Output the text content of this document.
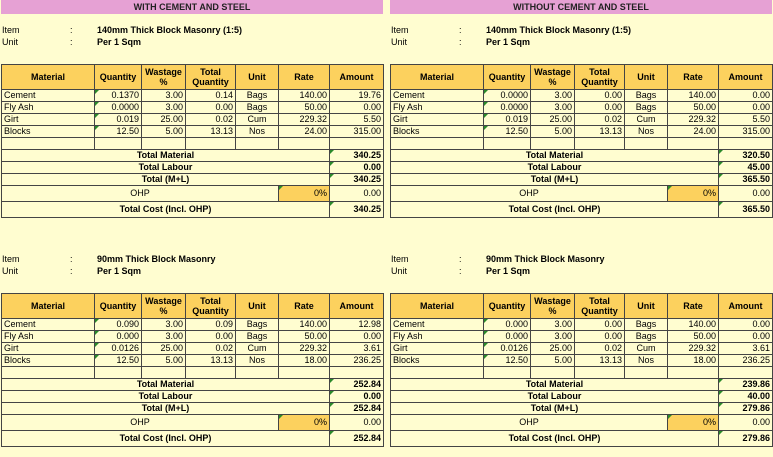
WITH CEMENT AND STEEL
Item	:	140mm Thick Block Masonry (1:5)
Unit	:	Per 1 Sqm
Material	Quantity	Wastage %	Total Quantity	Unit	Rate	Amount
Cement	0.1370	3.00	0.14	Bags	140.00	19.76
Fly Ash	0.0000	3.00	0.00	Bags	50.00	0.00
Girt	0.019	25.00	0.02	Cum	229.32	5.50
Blocks	12.50	5.00	13.13	Nos	24.00	315.00

Total Material						340.25
Total Labour						0.00
Total (M+L)						340.25
OHP					0%	0.00
Total Cost (Incl. OHP)						340.25
Item	:	90mm Thick Block Masonry
Unit	:	Per 1 Sqm
Material	Quantity	Wastage %	Total Quantity	Unit	Rate	Amount
Cement	0.090	3.00	0.09	Bags	140.00	12.98
Fly Ash	0.000	3.00	0.00	Bags	50.00	0.00
Girt	0.0126	25.00	0.02	Cum	229.32	3.61
Blocks	12.50	5.00	13.13	Nos	18.00	236.25

Total Material						252.84
Total Labour						0.00
Total (M+L)						252.84
OHP					0%	0.00
Total Cost (Incl. OHP)						252.84
WITHOUT CEMENT AND STEEL
Item	:	140mm Thick Block Masonry (1:5)
Unit	:	Per 1 Sqm
Material	Quantity	Wastage %	Total Quantity	Unit	Rate	Amount
Cement	0.0000	3.00	0.00	Bags	140.00	0.00
Fly Ash	0.0000	3.00	0.00	Bags	50.00	0.00
Girt	0.019	25.00	0.02	Cum	229.32	5.50
Blocks	12.50	5.00	13.13	Nos	24.00	315.00

Total Material						320.50
Total Labour						45.00
Total (M+L)						365.50
OHP					0%	0.00
Total Cost (Incl. OHP)						365.50
Item	:	90mm Thick Block Masonry
Unit	:	Per 1 Sqm
Material	Quantity	Wastage %	Total Quantity	Unit	Rate	Amount
Cement	0.000	3.00	0.00	Bags	140.00	0.00
Fly Ash	0.000	3.00	0.00	Bags	50.00	0.00
Girt	0.0126	25.00	0.02	Cum	229.32	3.61
Blocks	12.50	5.00	13.13	Nos	18.00	236.25

Total Material						239.86
Total Labour						40.00
Total (M+L)						279.86
OHP					0%	0.00
Total Cost (Incl. OHP)						279.86
